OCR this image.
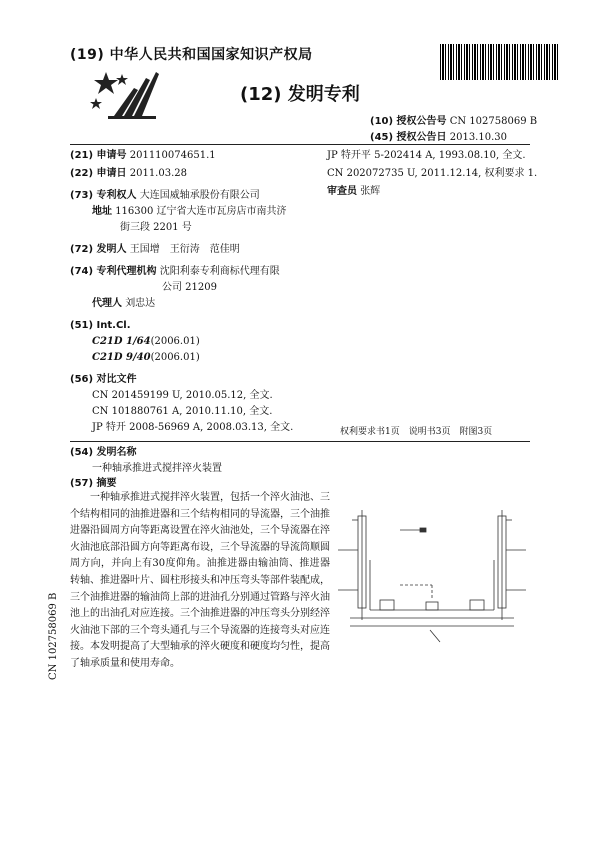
(19) 中华人民共和国国家知识产权局
(12) 发明专利
(10) 授权公告号 CN 102758069 B
(45) 授权公告日 2013.10.30
(21) 申请号 201110074651.1
(22) 申请日 2011.03.28
(73) 专利权人 大连国威轴承股份有限公司
地址 116300 辽宁省大连市瓦房店市南共济
街三段 2201 号
(72) 发明人 王国增　王衍涛　范佳明
(74) 专利代理机构 沈阳利泰专利商标代理有限
公司 21209
代理人 刘忠达
(51) Int.Cl.
C21D 1/64(2006.01)
C21D 9/40(2006.01)
(56) 对比文件
CN 201459199 U, 2010.05.12, 全文.
CN 101880761 A, 2010.11.10, 全文.
JP 特开 2008-56969 A, 2008.03.13, 全文.
JP 特开平 5-202414 A, 1993.08.10, 全文.
CN 202072735 U, 2011.12.14, 权利要求 1.
审查员 张辉
权利要求书1页　说明书3页　附图3页
(54) 发明名称
一种轴承推进式搅拌淬火装置
(57) 摘要
一种轴承推进式搅拌淬火装置，包括一个淬火油池、三个结构相同的油推进器和三个结构相同的导流器，三个油推进器沿圆周方向等距离设置在淬火油池处，三个导流器在淬火油池底部沿圆方向等距离布设，三个导流器的导流筒顺圆周方向，并向上有30度仰角。油推进器由输油筒、推进器转轴、推进器叶片、圆柱形接头和冲压弯头等部件装配成，三个油推进器的输油筒上部的进油孔分别通过管路与淬火油池上的出油孔对应连接。三个油推进器的冲压弯头分别经淬火油池下部的三个弯头通孔与三个导流器的连接弯头对应连接。本发明提高了大型轴承的淬火硬度和硬度均匀性，提高了轴承质量和使用寿命。
CN 102758069 B
